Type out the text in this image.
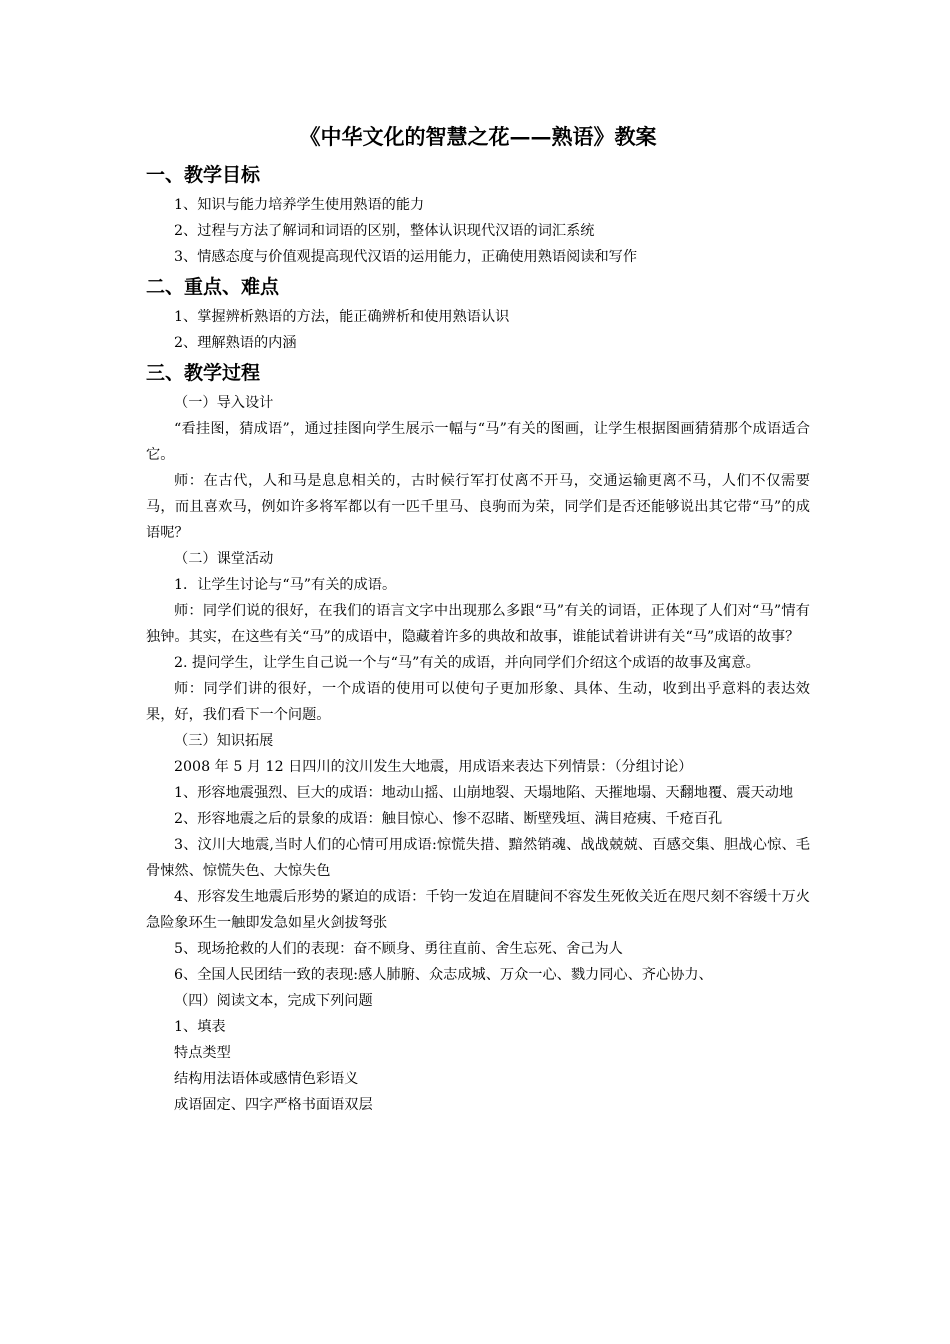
《中华文化的智慧之花——熟语》教案
一、教学目标

1、知识与能力培养学生使用熟语的能力

2、过程与方法了解词和词语的区别，整体认识现代汉语的词汇系统

3、情感态度与价值观提高现代汉语的运用能力，正确使用熟语阅读和写作

二、重点、难点

1、掌握辨析熟语的方法，能正确辨析和使用熟语认识

2、理解熟语的内涵

三、教学过程

（一）导入设计

“看挂图，猜成语”，通过挂图向学生展示一幅与“马”有关的图画，让学生根据图画猜猜那个成语适合它。

师：在古代，人和马是息息相关的，古时候行军打仗离不开马，交通运输更离不马，人们不仅需要马，而且喜欢马，例如许多将军都以有一匹千里马、良驹而为荣，同学们是否还能够说出其它带“马”的成语呢？

（二）课堂活动

1．让学生讨论与“马”有关的成语。

师：同学们说的很好，在我们的语言文字中出现那么多跟“马”有关的词语，正体现了人们对“马”情有独钟。其实，在这些有关“马”的成语中，隐藏着许多的典故和故事，谁能试着讲讲有关“马”成语的故事？

2. 提问学生，让学生自己说一个与“马”有关的成语，并向同学们介绍这个成语的故事及寓意。

师：同学们讲的很好，一个成语的使用可以使句子更加形象、具体、生动，收到出乎意料的表达效果，好，我们看下一个问题。

（三）知识拓展

2008 年 5 月 12 日四川的汶川发生大地震，用成语来表达下列情景：（分组讨论）

1、形容地震强烈、巨大的成语：地动山摇、山崩地裂、天塌地陷、天摧地塌、天翻地覆、震天动地

2、形容地震之后的景象的成语：触目惊心、惨不忍睹、断壁残垣、满目疮痍、千疮百孔

3、汶川大地震,当时人们的心情可用成语:惊慌失措、黯然销魂、战战兢兢、百感交集、胆战心惊、毛骨悚然、惊慌失色、大惊失色

4、形容发生地震后形势的紧迫的成语：千钧一发迫在眉睫间不容发生死攸关近在咫尺刻不容缓十万火急险象环生一触即发急如星火剑拔弩张

5、现场抢救的人们的表现：奋不顾身、勇往直前、舍生忘死、舍己为人

6、全国人民团结一致的表现:感人肺腑、众志成城、万众一心、戮力同心、齐心协力、

（四）阅读文本，完成下列问题

1、填表

特点类型

结构用法语体或感情色彩语义

成语固定、四字严格书面语双层
